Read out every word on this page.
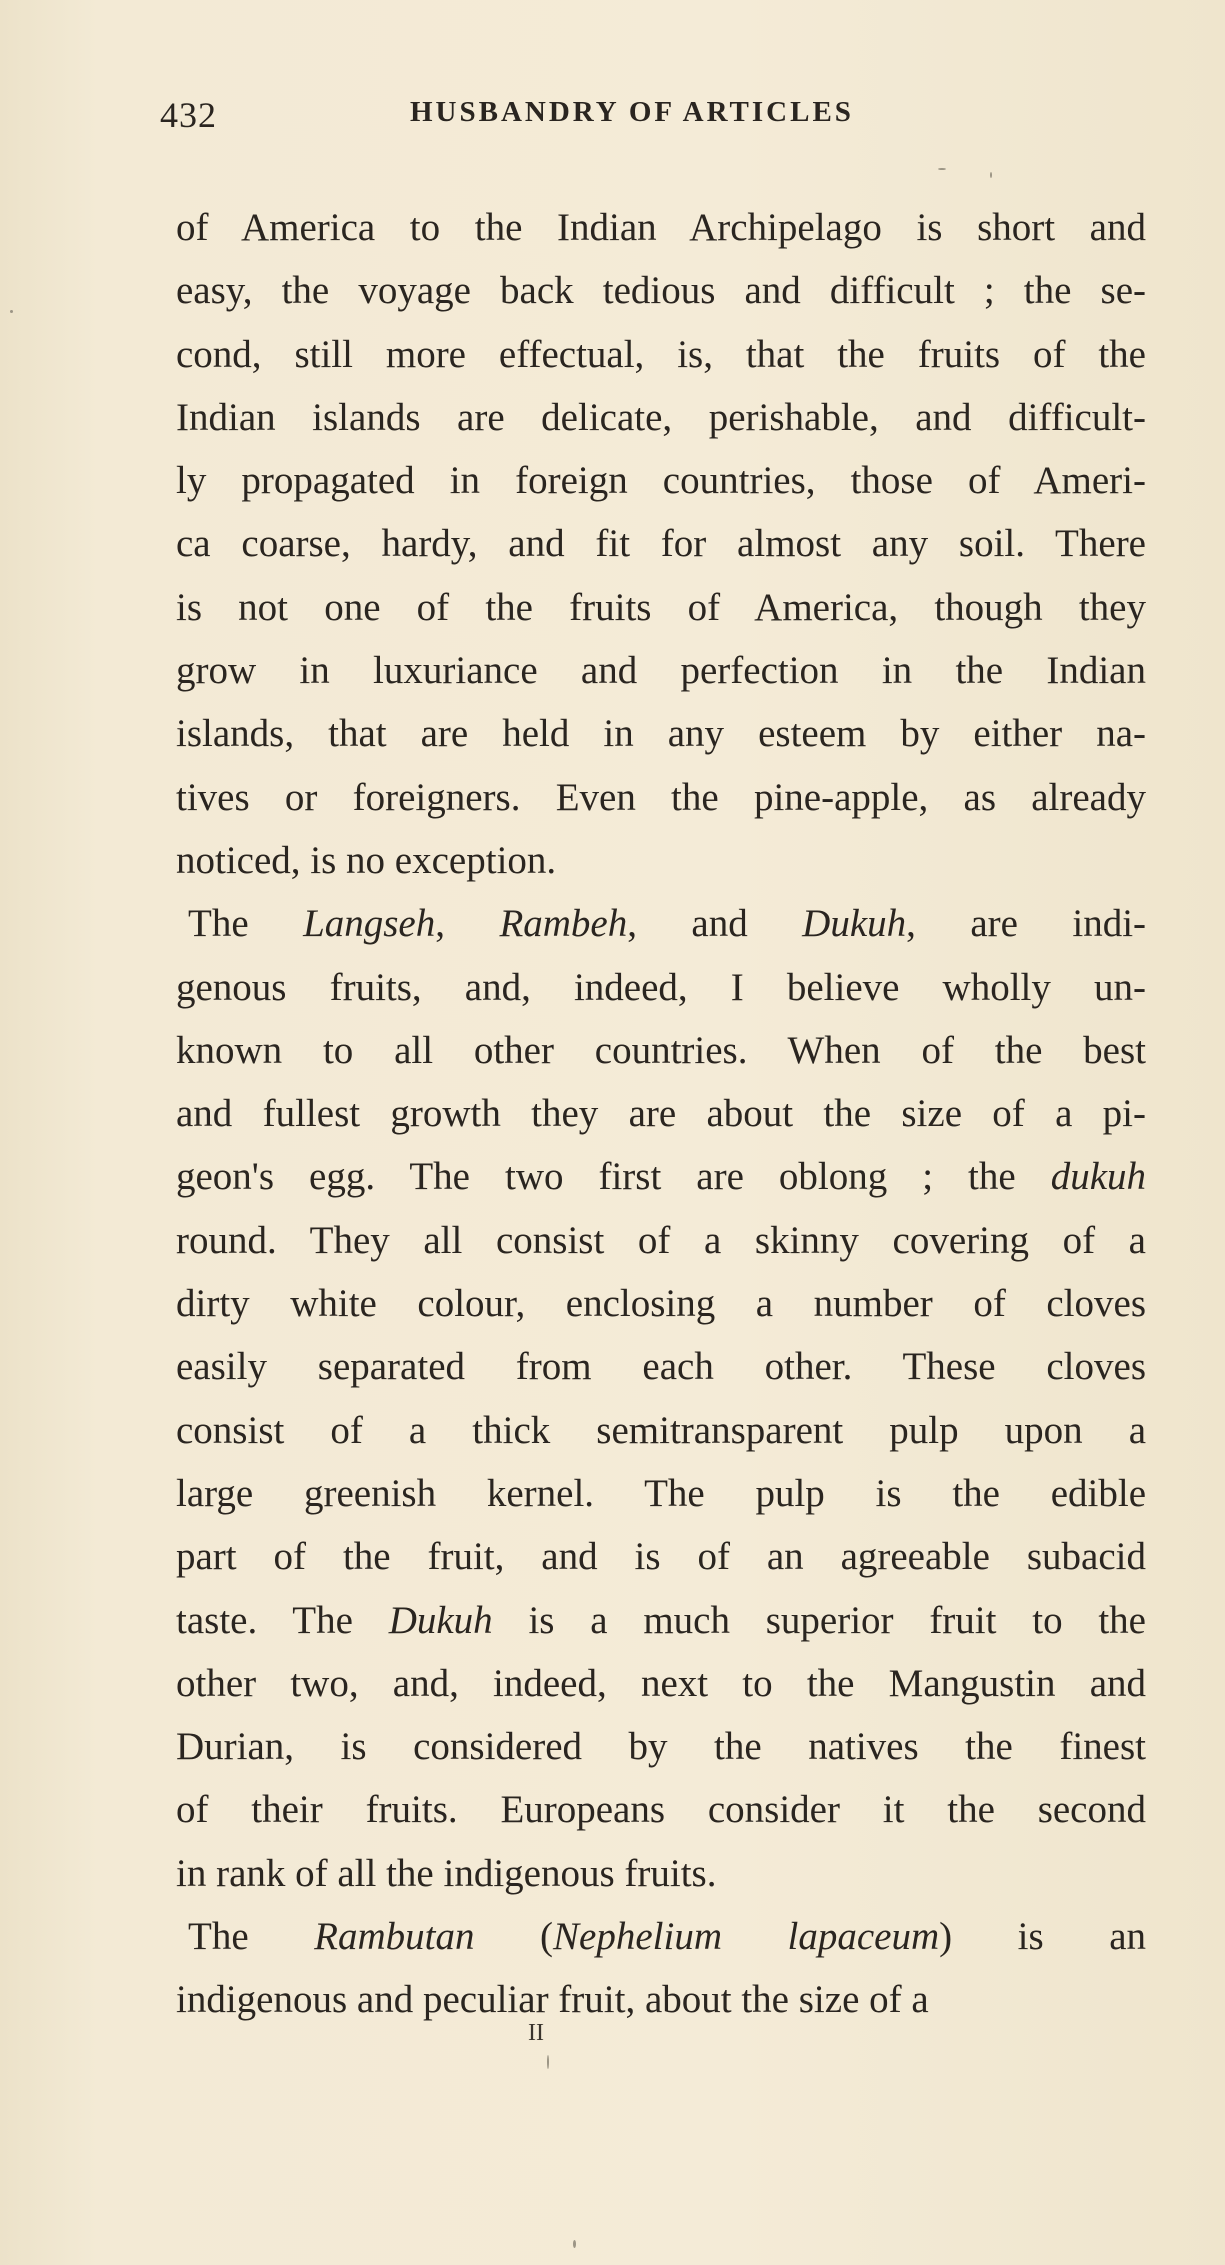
432	HUSBANDRY OF ARTICLES
of America to the Indian Archipelago is short and
easy, the voyage back tedious and difficult ; the se-
cond, still more effectual, is, that the fruits of the
Indian islands are delicate, perishable, and difficult-
ly propagated in foreign countries, those of Ameri-
ca coarse, hardy, and fit for almost any soil. There
is not one of the fruits of America, though they
grow in luxuriance and perfection in the Indian
islands, that are held in any esteem by either na-
tives or foreigners. Even the pine-apple, as already
noticed, is no exception.
The Langseh, Rambeh, and Dukuh, are indi-
genous fruits, and, indeed, I believe wholly un-
known to all other countries. When of the best
and fullest growth they are about the size of a pi-
geon's egg. The two first are oblong ; the dukuh
round. They all consist of a skinny covering of a
dirty white colour, enclosing a number of cloves
easily separated from each other. These cloves
consist of a thick semitransparent pulp upon a
large greenish kernel. The pulp is the edible
part of the fruit, and is of an agreeable subacid
taste. The Dukuh is a much superior fruit to the
other two, and, indeed, next to the Mangustin and
Durian, is considered by the natives the finest
of their fruits. Europeans consider it the second
in rank of all the indigenous fruits.
The Rambutan (Nephelium lapaceum) is an
indigenous and peculiar fruit, about the size of a
II
